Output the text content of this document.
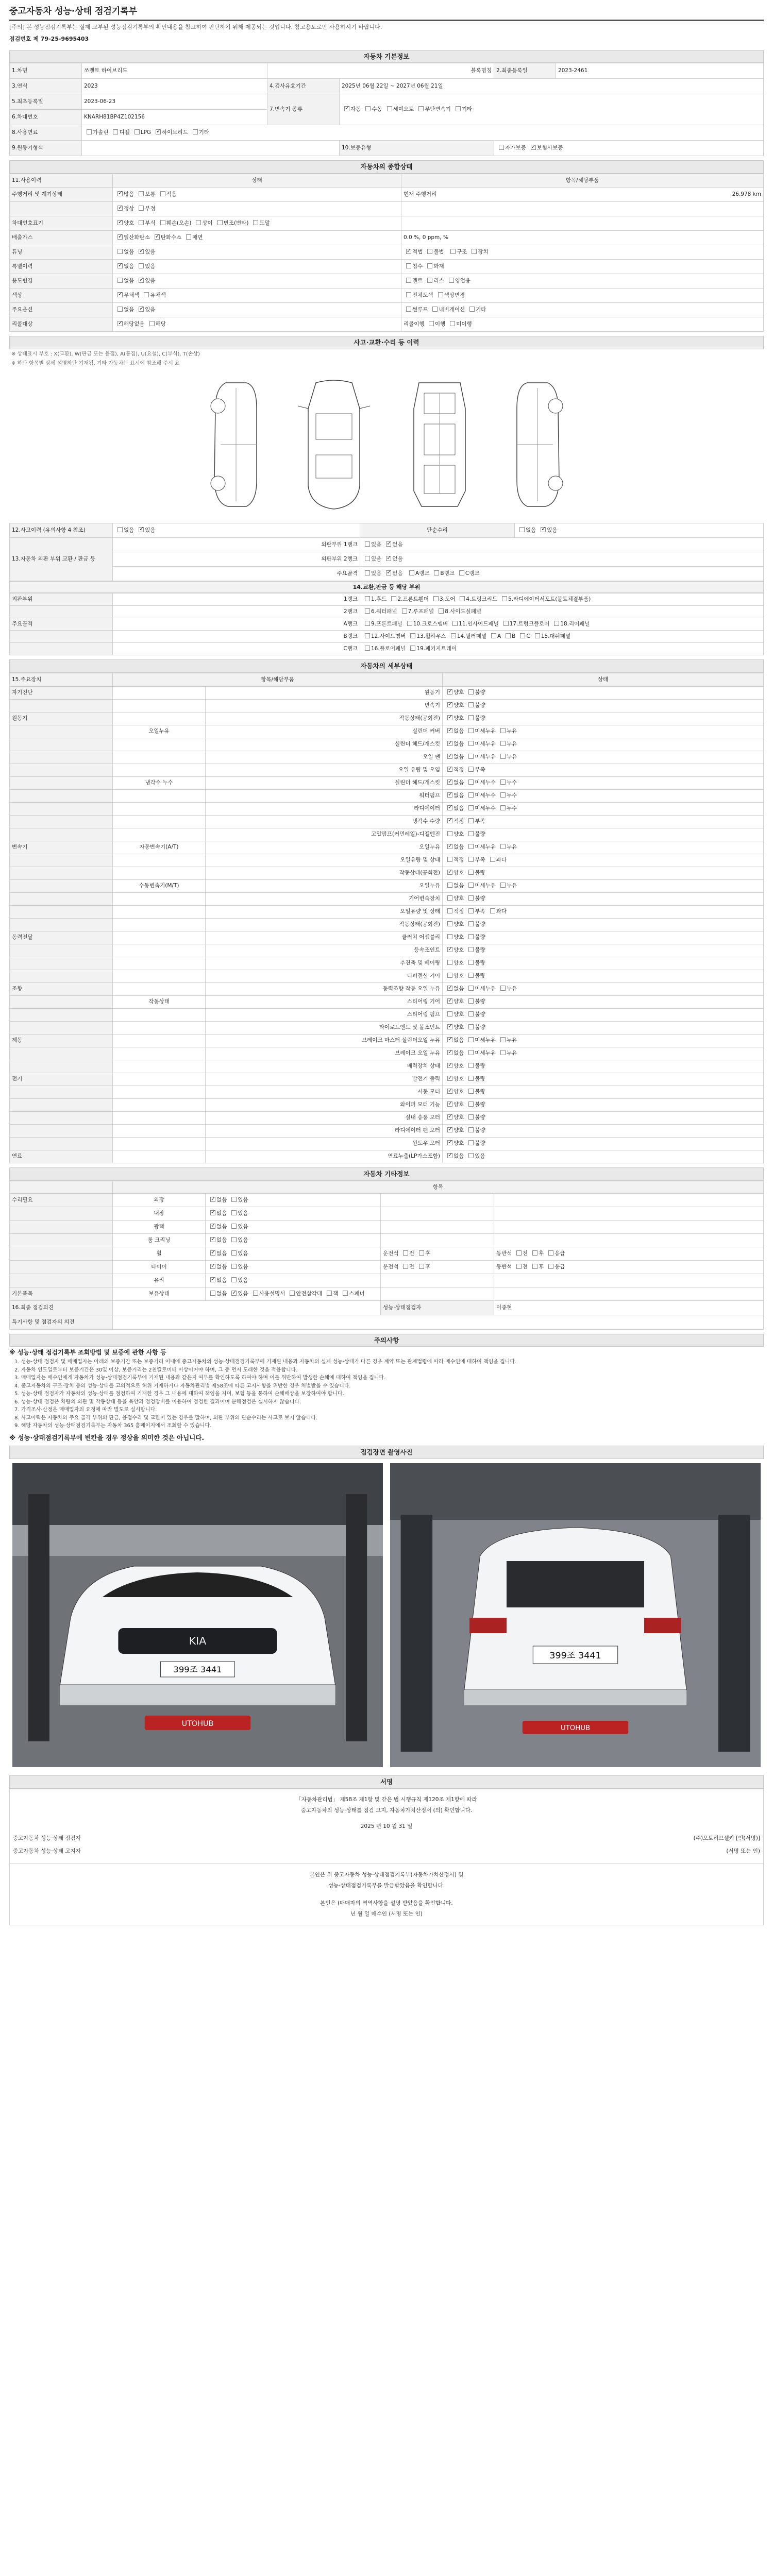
중고자동차 성능·상태 점검기록부
[주의] 본 성능점검기록부는 실제 교부된 성능점검기록부의 확인내용을 참고하여 판단하기 위해 제공되는 것입니다. 참고용도로만 사용하시기 바랍니다.
점검번호 제 79-25-9695403
자동차 기본정보
1.차명	쏘렌토 하이브리드	블록명칭		2.최종등록일	2023-2461
3.연식	2023	4.검사유효기간	2025년 06월 22일 ~ 2027년 06월 21일		
5.최초등록일	2023-06-23	7.변속기 종류	✓자동 수동 세미오토 무단변속기 기타
6.차대번호	KNARH81BP4Z102156				
8.사용연료	가솔린 디젤 LPG ✓ 하이브리드 기타
9.원동기형식			10.보증유형	자가보증 ✓ 보험사보증
자동차의 종합상태
11.사용이력	상태	항목/해당부품
주행거리 및 계기상태	✓많음 보통 적음	현재 주행거리 26,978 km

	✓정상 부정	
차대번호표기	✓양호 부식 훼손(오손) 상이 변조(변타) 도말	
배출가스	✓일산화탄소 ✓ 탄화수소 매연	0.0 %, 0 ppm, %
튜닝	없음 ✓ 있음	✓적법 불법 구조 장치
특별이력	✓없음 있음	침수 화재
용도변경	없음 ✓ 있음	렌트 리스 영업용
색상	✓무채색 유채색	전체도색 색상변경
주요옵션	없음 ✓ 있음	썬루프 내비게이션 기타
리콜대상	✓해당없음 해당	리콜이행 이행 미이행
사고·교환·수리 등 이력
※ 상태표시 부호 : X(교환), W(판금 또는 용접), A(흠집), U(요철), C(부식), T(손상)
※ 하단 항목별 상세 설명하단 기재됨. 기타 자동차는 표시에 참조해 주시 요
12.사고이력 (유의사항 4 참조)	없음 ✓ 있음	단순수리	없음 ✓ 있음
13.자동차 외판 부위 교환 / 판금 등	외판부위 1랭크	있음 ✓ 없음
	외판부위 2랭크	있음 ✓ 없음
	주요골격	있음 ✓ 없음 A랭크 B랭크 C랭크
14.교환,판금 등 해당 부위
외판부위	1랭크	1.후드 2.프론트휀더 3.도어 4.트렁크리드 5.라디에이터서포트(볼트체결부품)
	2랭크	6.쿼터패널 7.루프패널 8.사이드실패널
주요골격	A랭크	9.프론트패널 10.크로스멤버 11.인사이드패널 17.트렁크플로어 18.리어패널
	B랭크	12.사이드멤버 13.휠하우스 14.필러패널 A B C 15.대쉬패널
	C랭크	16.플로어패널 19.패키지트레이
자동차의 세부상태
15.주요장치	항목/해당부품		상태
자기진단		원동기	✓양호 불량
		변속기	✓양호 불량
원동기		작동상태(공회전)	✓양호 불량
	오일누유	실린더 커버	✓없음 미세누유 누유
		실린더 헤드/개스킷	✓없음 미세누유 누유
		오일 팬	✓없음 미세누유 누유
		오일 유량 및 오염	✓적정 부족
	냉각수 누수	실린더 헤드/개스킷	✓없음 미세누수 누수
		워터펌프	✓없음 미세누수 누수
		라디에이터	✓없음 미세누수 누수
		냉각수 수량	✓적정 부족
		고압펌프(커먼레일)-디젤엔진	양호 불량
변속기	자동변속기(A/T)	오일누유	✓없음 미세누유 누유
		오일유량 및 상태	적정 부족 과다
		작동상태(공회전)	✓양호 불량
	수동변속기(M/T)	오일누유	없음 미세누유 누유
		기어변속장치	양호 불량
		오일유량 및 상태	적정 부족 과다
		작동상태(공회전)	양호 불량
동력전달		클러치 어셈블리	양호 불량
		등속조인트	✓양호 불량
		추진축 및 베어링	양호 불량
		디퍼렌셜 기어	양호 불량
조향		동력조향 작동 오일 누유	✓없음 미세누유 누유
	작동상태	스티어링 기어	✓양호 불량
		스티어링 펌프	양호 불량
		타이로드엔드 및 볼조인트	✓양호 불량
제동		브레이크 마스터 실린더오일 누유	✓없음 미세누유 누유
		브레이크 오일 누유	✓없음 미세누유 누유
		배력장치 상태	✓양호 불량
전기		발전기 출력	✓양호 불량
		시동 모터	✓양호 불량
		와이퍼 모터 기능	✓양호 불량
		실내 송풍 모터	✓양호 불량
		라디에이터 팬 모터	✓양호 불량
		윈도우 모터	✓양호 불량
연료		연료누출(LP가스포함)	✓없음 있음
자동차 기타정보
	항목			
수리필요	외장	✓없음 있음		
	내장	✓없음 있음		
	광택	✓없음 있음		
	룸 크리닝	✓없음 있음		
	휠	✓없음 있음	운전석 전 후	동반석 전 후 응급
	타이어	✓없음 있음	운전석 전 후	동반석 전 후 응급
	유리	✓없음 있음		
기본품목	보유상태	없음 ✓ 있음 사용설명서 안전삼각대 잭 스패너		
16.최종 점검의견			성능·상태점검자	이종현
특기사항 및 점검자의 의견				
주의사항
※ 성능·상태 점검기록부 조회방법 및 보증에 관한 사항 등

1. 성능·상태 점검자 및 매매업자는 아래의 보증기간 또는 보증거리 이내에 중고자동차의 성능·상태점검기록부에 기재된 내용과 자동차의 실제 성능·상태가 다른 경우 계약 또는 관계법령에 따라 매수인에 대하여 책임을 집니다.

2. 자동차 인도일로부터 보증기간은 30일 이상, 보증거리는 2천킬로미터 이상이어야 하며, 그 중 먼저 도래한 것을 적용합니다.

3. 매매업자는 매수인에게 자동차가 성능·상태점검기록부에 기재된 내용과 같은지 여부를 확인하도록 하여야 하며 이를 위반하여 발생한 손해에 대하여 책임을 집니다.

4. 중고자동차의 구조·장치 등의 성능·상태를 고의적으로 허위 기재하거나 자동차관리법 제58조에 따른 고지사항을 위반한 경우 처벌받을 수 있습니다.

5. 성능·상태 점검자가 자동차의 성능·상태를 점검하여 기재한 경우 그 내용에 대하여 책임을 지며, 보험 등을 통하여 손해배상을 보장하여야 합니다.

6. 성능·상태 점검은 차량의 외관 및 작동상태 등을 육안과 점검장비를 이용하여 점검한 결과이며 분해점검은 실시하지 않습니다.

7. 가격조사·산정은 매매업자의 요청에 따라 별도로 실시합니다.

8. 사고이력은 자동차의 주요 골격 부위의 판금, 용접수리 및 교환이 있는 경우를 말하며, 외판 부위의 단순수리는 사고로 보지 않습니다.

9. 해당 자동차의 성능·상태점검기록부는 자동차 365 홈페이지에서 조회할 수 있습니다.

※ 성능·상태점검기록부에 빈칸을 경우 정상을 의미한 것은 아닙니다.
점검장면 촬영사진
KIA
399조 3441
UTOHUB
399조 3441
UTOHUB
서명
「자동차관리법」 제58조 제1항 및 같은 법 시행규칙 제120조 제1항에 따라
중고자동차의 성능·상태를 점검 고지, 자동차가치산정서 (의) 확인합니다.
2025 년 10 월 31 일
중고자동차 성능·상태 점검자	(주)오토허브셀카 [인(서명)]
중고자동차 성능·상태 고지자	(서명 또는 인)
본인은 위 중고자동차 성능·상태점검기록부(자동차가치산정서) 및
성능·상태점검기록부를 발급받았음을 확인합니다.
본인은 (매매자의 역역사항을 설명 받았음을 확인합니다.
년 월 일 매수인 (서명 또는 인)
